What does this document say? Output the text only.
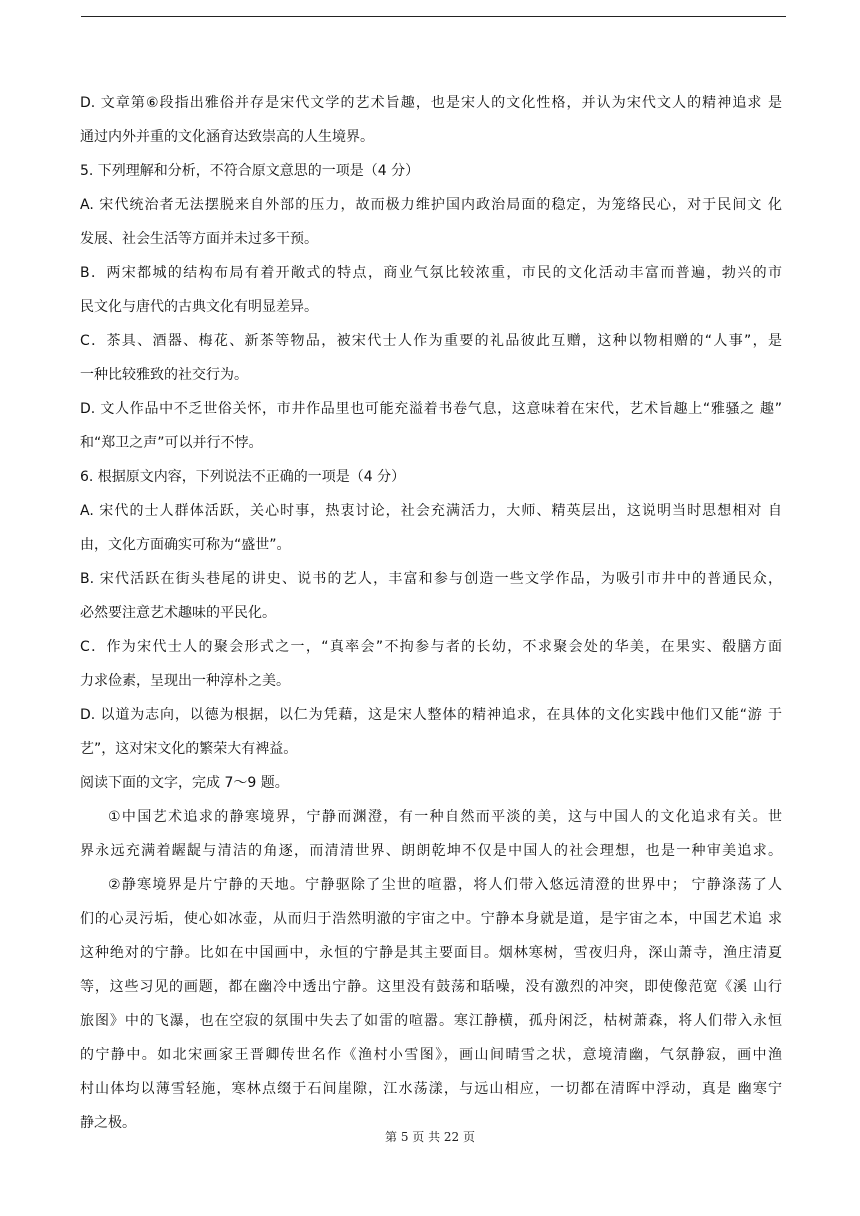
D. 文章第⑥段指出雅俗并存是宋代文学的艺术旨趣，也是宋人的文化性格，并认为宋代文人的精神追求 是
通过内外并重的文化涵育达致崇高的人生境界。
5. 下列理解和分析，不符合原文意思的一项是（4 分）
A. 宋代统治者无法摆脱来自外部的压力，故而极力维护国内政治局面的稳定，为笼络民心，对于民间文 化
发展、社会生活等方面并未过多干预。
B．两宋都城的结构布局有着开敞式的特点，商业气氛比较浓重，市民的文化活动丰富而普遍，勃兴的市
民文化与唐代的古典文化有明显差异。
C．茶具、酒器、梅花、新茶等物品，被宋代士人作为重要的礼品彼此互赠，这种以物相赠的“人事”，是
一种比较雅致的社交行为。
D. 文人作品中不乏世俗关怀，市井作品里也可能充溢着书卷气息，这意味着在宋代，艺术旨趣上“雅骚之 趣”
和“郑卫之声”可以并行不悖。
6. 根据原文内容，下列说法不正确的一项是（4 分）
A. 宋代的士人群体活跃，关心时事，热衷讨论，社会充满活力，大师、精英层出，这说明当时思想相对 自
由，文化方面确实可称为“盛世”。
B. 宋代活跃在街头巷尾的讲史、说书的艺人，丰富和参与创造一些文学作品，为吸引市井中的普通民众，
必然要注意艺术趣味的平民化。
C．作为宋代士人的聚会形式之一，“真率会”不拘参与者的长幼，不求聚会处的华美，在果实、殽膳方面
力求俭素，呈现出一种淳朴之美。
D. 以道为志向，以德为根据，以仁为凭藉，这是宋人整体的精神追求，在具体的文化实践中他们又能“游 于
艺”，这对宋文化的繁荣大有裨益。
阅读下面的文字，完成 7～9 题。
①中国艺术追求的静寒境界，宁静而渊澄，有一种自然而平淡的美，这与中国人的文化追求有关。世
界永远充满着龌龊与清洁的角逐，而清清世界、朗朗乾坤不仅是中国人的社会理想，也是一种审美追求。
②静寒境界是片宁静的天地。宁静驱除了尘世的喧嚣，将人们带入悠远清澄的世界中； 宁静涤荡了人
们的心灵污垢，使心如冰壶，从而归于浩然明澈的宇宙之中。宁静本身就是道，是宇宙之本，中国艺术追 求
这种绝对的宁静。比如在中国画中，永恒的宁静是其主要面目。烟林寒树，雪夜归舟，深山萧寺，渔庄清夏
等，这些习见的画题，都在幽冷中透出宁静。这里没有鼓荡和聒噪，没有激烈的冲突，即使像范宽《溪 山行
旅图》中的飞瀑，也在空寂的氛围中失去了如雷的喧嚣。寒江静横，孤舟闲泛，枯树萧森，将人们带入永恒
的宁静中。如北宋画家王晋卿传世名作《渔村小雪图》，画山间晴雪之状，意境清幽，气氛静寂，画中渔
村山体均以薄雪轻施，寒林点缀于石间崖隙，江水荡漾，与远山相应，一切都在清晖中浮动，真是 幽寒宁
静之极。
第 5 页 共 22 页
